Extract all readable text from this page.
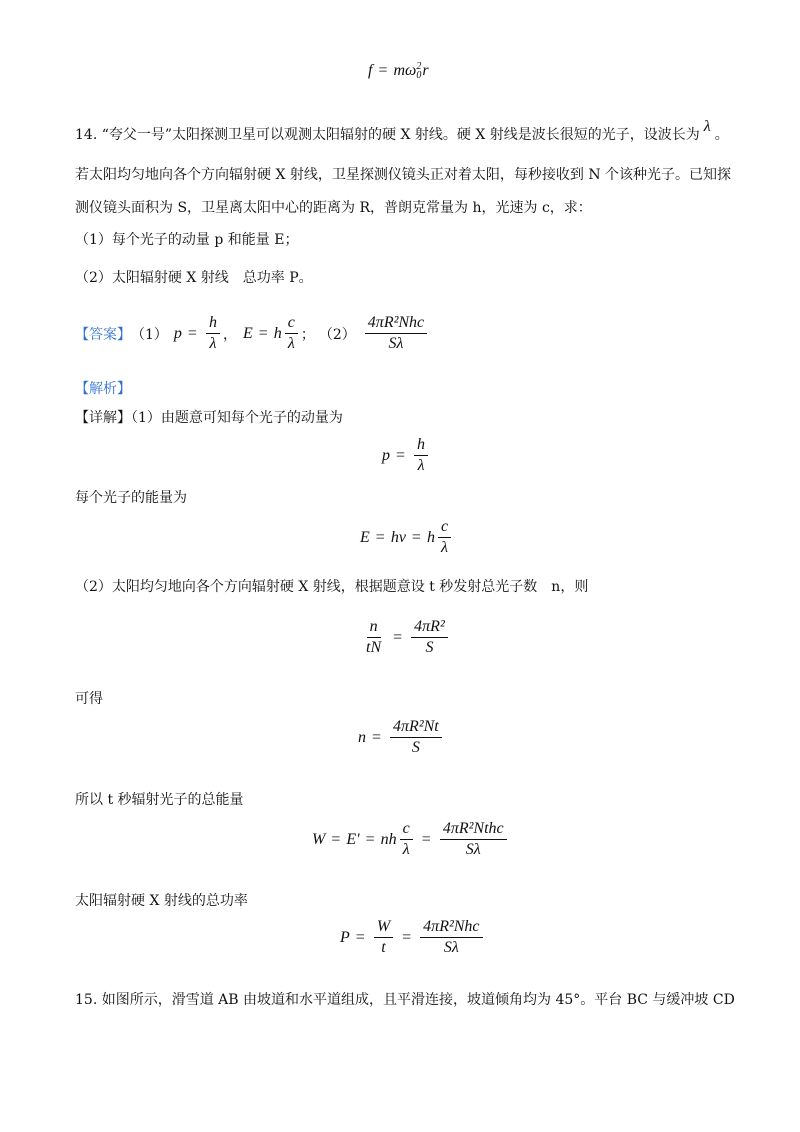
f = mω 2
0 r
14. “夸父一号”太阳探测卫星可以观测太阳辐射的硬 X 射线。硬 X 射线是波长很短的光子，设波长为 λ 。
若太阳均匀地向各个方向辐射硬 X 射线，卫星探测仪镜头正对着太阳，每秒接收到 N 个该种光子。已知探
测仪镜头面积为 S，卫星离太阳中心的距离为 R，普朗克常量为 h，光速为 c，求：
（1）每个光子的动量 p 和能量 E；
（2）太阳辐射硬 X 射线　总功率 P。
【答案】 （1） $p = \frac{h}{\lambda}$ ， E = h $\frac{c}{\lambda}$ ； $(2) \frac{\text{4πR²Nhc}}{S\lambda}$
【解析】
【详解】（1）由题意可知每个光子的动量为
$p = \frac{h}{\lambda}$
每个光子的能量为
E = hν = h $\frac{c}{\lambda}$
（2）太阳均匀地向各个方向辐射硬 X 射线，根据题意设 t 秒发射总光子数　n，则
$\frac{n}{tN} = \frac{\text{4πR²}}{S}$
可得
$n = \frac{\text{4πR²Nt}}{S}$
所以 t 秒辐射光子的总能量
W = E′ = nh $\frac{c}{\lambda} = \frac{\text{4πR²Nthc}}{S\lambda}$
太阳辐射硬 X 射线的总功率
$P = \frac{W}{t} = \frac{\text{4πR²Nhc}}{S\lambda}$
15. 如图所示，滑雪道 AB 由坡道和水平道组成，且平滑连接，坡道倾角均为 45°。平台 BC 与缓冲坡 CD
